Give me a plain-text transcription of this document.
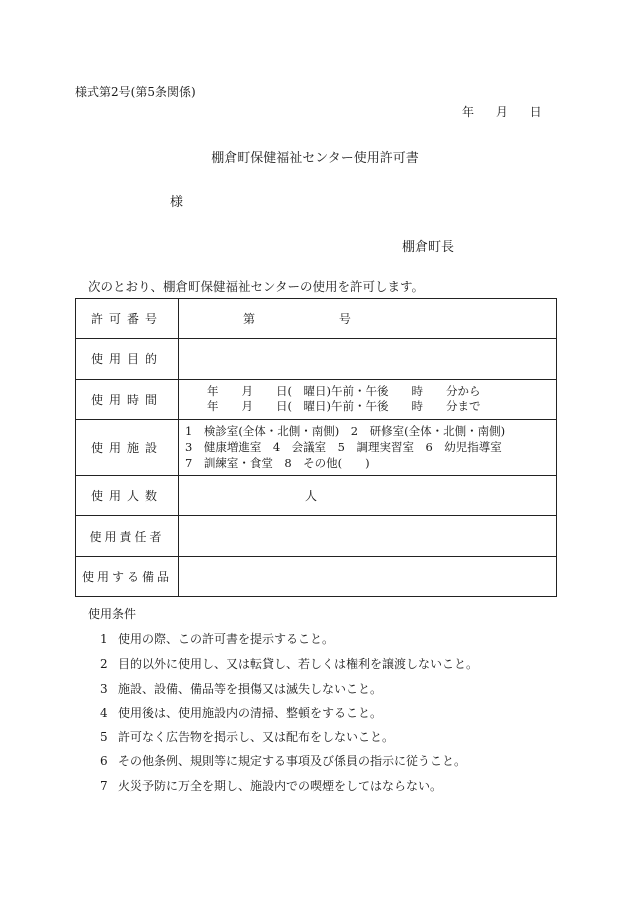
様式第2号(第5条関係)
年 月 日
棚倉町保健福祉センター使用許可書
様
棚倉町長
次のとおり、棚倉町保健福祉センターの使用を許可します。
許可番号	第 号

使用目的	
使用時間	年　　月　　日(　曜日)午前・午後　　時　　分から
年　　月　　日(　曜日)午前・午後　　時　　分まで

使用施設	1　検診室(全体・北側・南側)　2　研修室(全体・北側・南側)
3　健康増進室　4　会議室　5　調理実習室　6　幼児指導室
7　訓練室・食堂　8　その他(　　)

使用人数	人

使用責任者	
使用する備品	
使用条件
1 使用の際、この許可書を提示すること。
2 目的以外に使用し、又は転貸し、若しくは権利を譲渡しないこと。
3 施設、設備、備品等を損傷又は滅失しないこと。
4 使用後は、使用施設内の清掃、整頓をすること。
5 許可なく広告物を掲示し、又は配布をしないこと。
6 その他条例、規則等に規定する事項及び係員の指示に従うこと。
7 火災予防に万全を期し、施設内での喫煙をしてはならない。
